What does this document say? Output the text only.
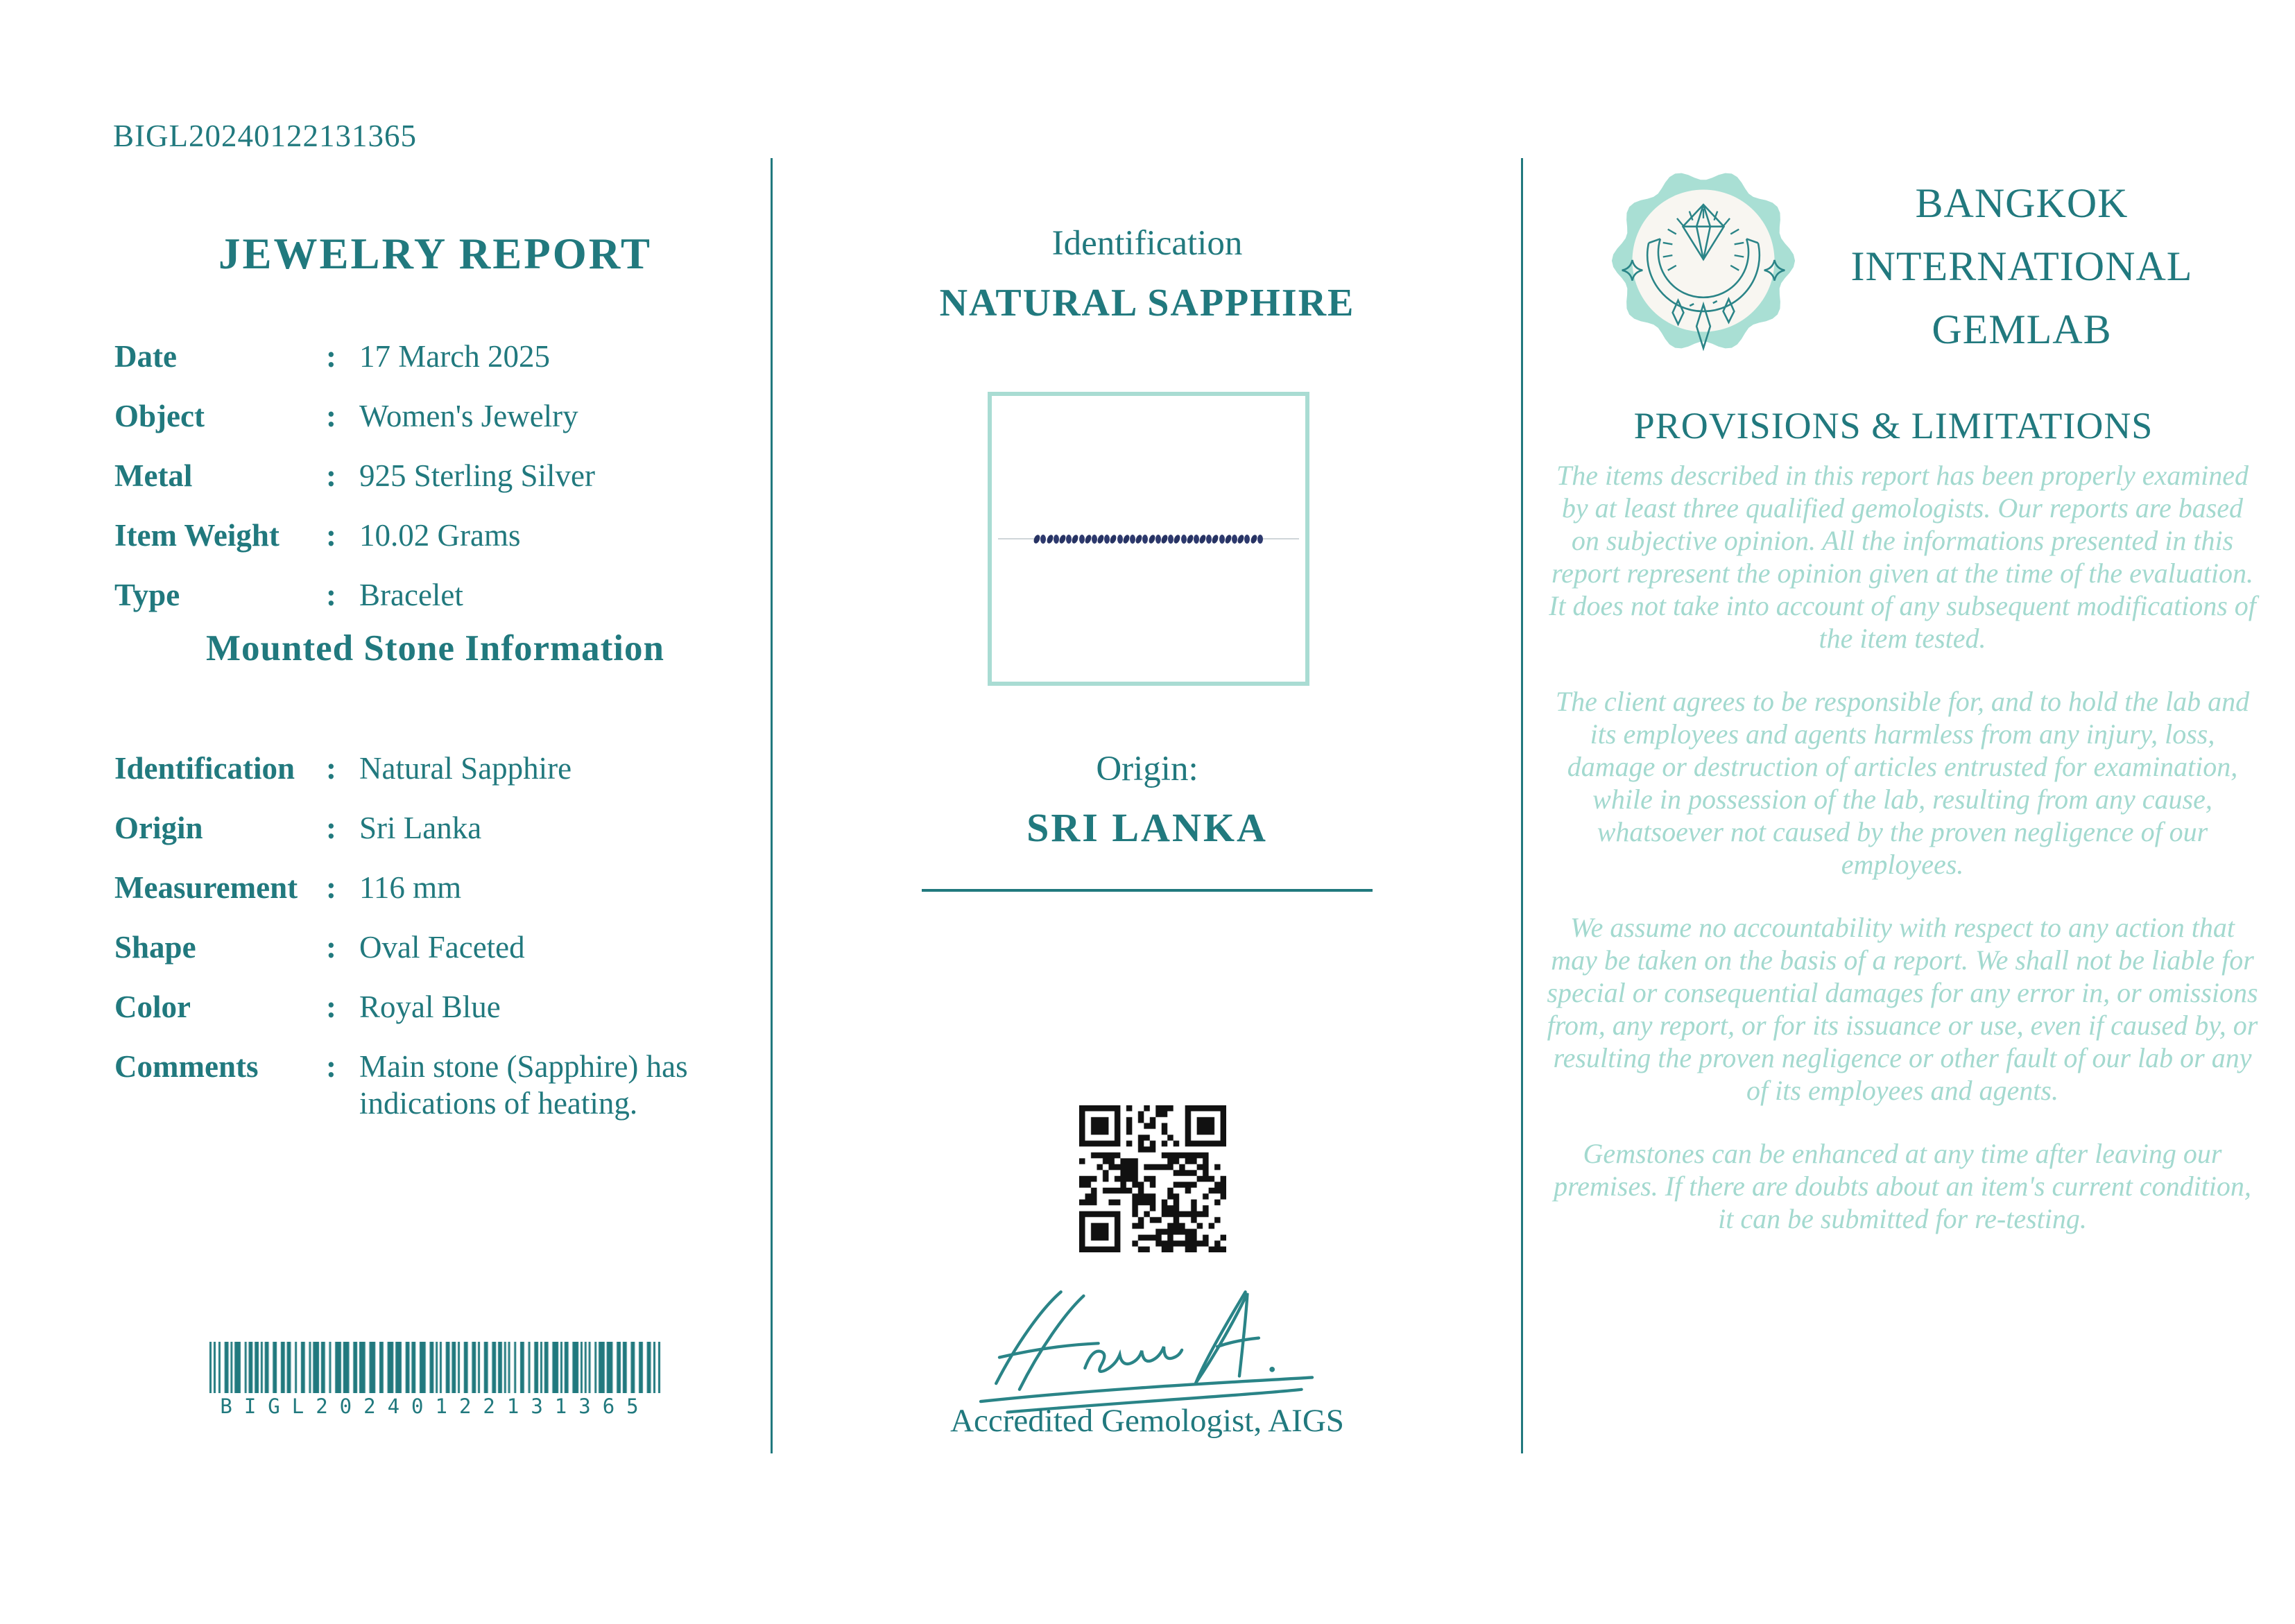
BIGL20240122131365
JEWELRY REPORT
Date	: 17 March 2025
Object	: Women's Jewelry
Metal	: 925 Sterling Silver
Item Weight	: 10.02 Grams
Type	: Bracelet
Mounted Stone Information
Identification : Natural Sapphire
Origin	: Sri Lanka
Measurement : 116 mm
Shape	: Oval Faceted
Color	: Royal Blue
Comments	: Main stone (Sapphire) has indications of heating.
BIGL20240122131365
Identification
NATURAL SAPPHIRE
Origin:
SRI LANKA
Accredited Gemologist, AIGS
BANGKOK
INTERNATIONAL
GEMLAB
PROVISIONS & LIMITATIONS

The items described in this report has been properly examined by at least three qualified gemologists. Our reports are based on subjective opinion. All the informations presented in this report represent the opinion given at the time of the evaluation. It does not take into account of any subsequent modifications of the item tested.

The client agrees to be responsible for, and to hold the lab and its employees and agents harmless from any injury, loss, damage or destruction of articles entrusted for examination, while in possession of the lab, resulting from any cause, whatsoever not caused by the proven negligence of our employees.

We assume no accountability with respect to any action that may be taken on the basis of a report. We shall not be liable for special or consequential damages for any error in, or omissions from, any report, or for its issuance or use, even if caused by, or resulting the proven negligence or other fault of our lab or any of its employees and agents.

Gemstones can be enhanced at any time after leaving our premises. If there are doubts about an item's current condition, it can be submitted for re-testing.
